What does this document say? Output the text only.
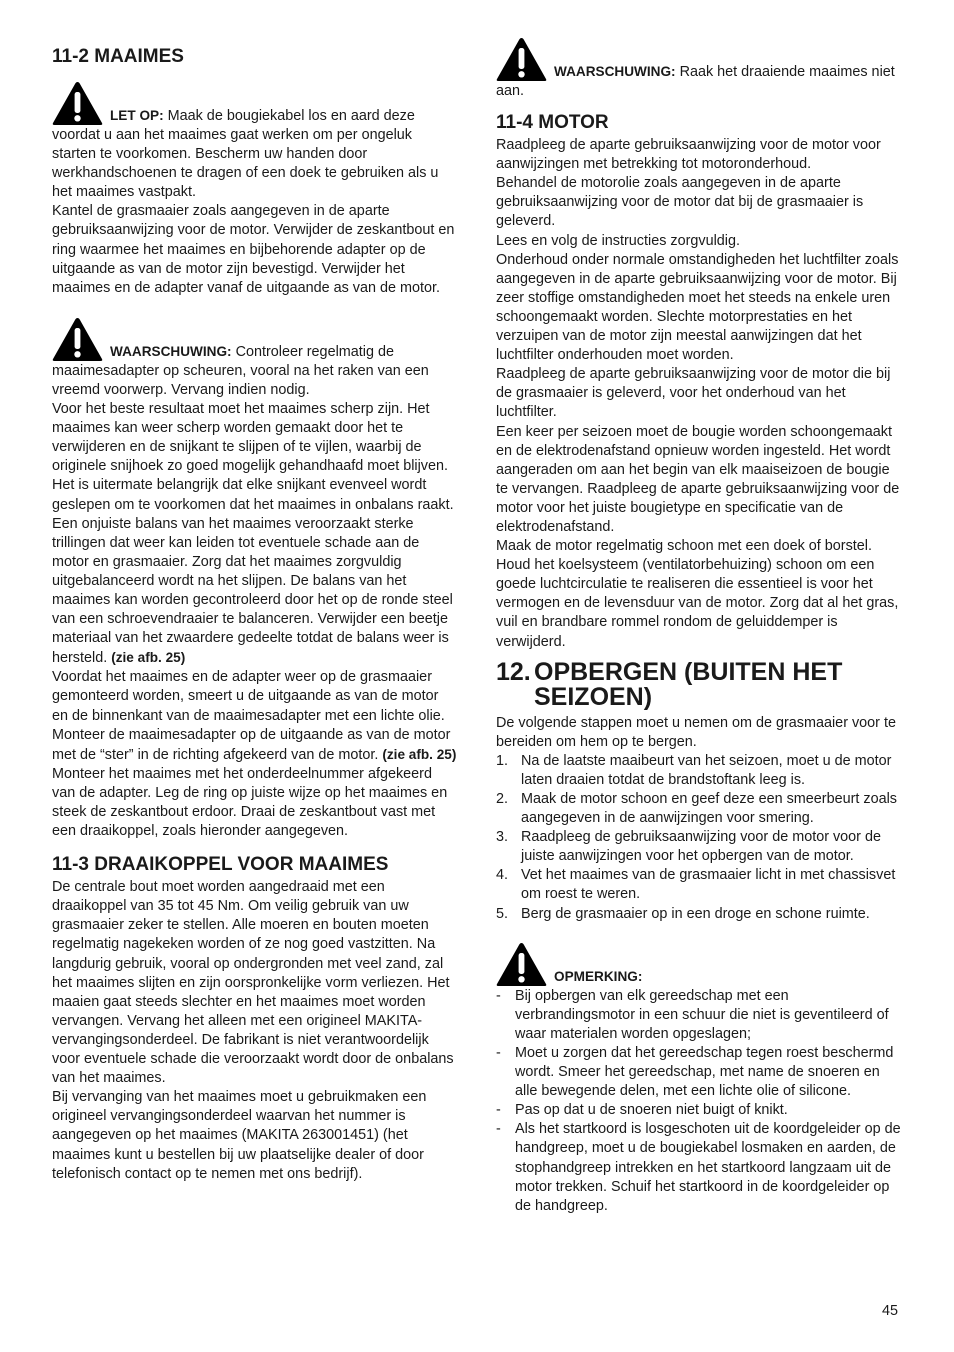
11-2 MAAIMES

LET OP: Maak de bougiekabel los en aard deze voordat u aan het maaimes gaat werken om per ongeluk starten te voorkomen. Bescherm uw handen door werkhandschoenen te dragen of een doek te gebruiken als u het maaimes vastpakt.

Kantel de grasmaaier zoals aangegeven in de aparte gebruiksaanwijzing voor de motor. Verwijder de zeskantbout en ring waarmee het maaimes en bijbehorende adapter op de uitgaande as van de motor zijn bevestigd. Verwijder het maaimes en de adapter vanaf de uitgaande as van de motor.

WAARSCHUWING: Controleer regelmatig de maaimesadapter op scheuren, vooral na het raken van een vreemd voorwerp. Vervang indien nodig.

Voor het beste resultaat moet het maaimes scherp zijn. Het maaimes kan weer scherp worden gemaakt door het te verwijderen en de snijkant te slijpen of te vijlen, waarbij de originele snijhoek zo goed mogelijk gehandhaafd moet blijven. Het is uitermate belangrijk dat elke snijkant evenveel wordt geslepen om te voorkomen dat het maaimes in onbalans raakt. Een onjuiste balans van het maaimes veroorzaakt sterke trillingen dat weer kan leiden tot eventuele schade aan de motor en grasmaaier. Zorg dat het maaimes zorgvuldig uitgebalanceerd wordt na het slijpen. De balans van het maaimes kan worden gecontroleerd door het op de ronde steel van een schroevendraaier te balanceren. Verwijder een beetje materiaal van het zwaardere gedeelte totdat de balans weer is hersteld. (zie afb. 25)

Voordat het maaimes en de adapter weer op de grasmaaier gemonteerd worden, smeert u de uitgaande as van de motor en de binnenkant van de maaimesadapter met een lichte olie. Monteer de maaimesadapter op de uitgaande as van de motor met de “ster” in de richting afgekeerd van de motor. (zie afb. 25)

Monteer het maaimes met het onderdeelnummer afgekeerd van de adapter. Leg de ring op juiste wijze op het maaimes en steek de zeskantbout erdoor. Draai de zeskantbout vast met een draaikoppel, zoals hieronder aangegeven.

11-3 DRAAIKOPPEL VOOR MAAIMES

De centrale bout moet worden aangedraaid met een draaikoppel van 35 tot 45 Nm. Om veilig gebruik van uw grasmaaier zeker te stellen. Alle moeren en bouten moeten regelmatig nagekeken worden of ze nog goed vastzitten. Na langdurig gebruik, vooral op ondergronden met veel zand, zal het maaimes slijten en zijn oorspronkelijke vorm verliezen. Het maaien gaat steeds slechter en het maaimes moet worden vervangen. Vervang het alleen met een origineel MAKITA-vervangingsonderdeel. De fabrikant is niet verantwoordelijk voor eventuele schade die veroorzaakt wordt door de onbalans van het maaimes.

Bij vervanging van het maaimes moet u gebruikmaken een origineel vervangingsonderdeel waarvan het nummer is aangegeven op het maaimes (MAKITA 263001451) (het maaimes kunt u bestellen bij uw plaatselijke dealer of door telefonisch contact op te nemen met ons bedrijf).

WAARSCHUWING: Raak het draaiende maaimes niet aan.

11-4 MOTOR

Raadpleeg de aparte gebruiksaanwijzing voor de motor voor aanwijzingen met betrekking tot motoronderhoud.

Behandel de motorolie zoals aangegeven in de aparte gebruiksaanwijzing voor de motor dat bij de grasmaaier is geleverd.

Lees en volg de instructies zorgvuldig.

Onderhoud onder normale omstandigheden het luchtfilter zoals aangegeven in de aparte gebruiksaanwijzing voor de motor. Bij zeer stoffige omstandigheden moet het steeds na enkele uren schoongemaakt worden. Slechte motorprestaties en het verzuipen van de motor zijn meestal aanwijzingen dat het luchtfilter onderhouden moet worden.

Raadpleeg de aparte gebruiksaanwijzing voor de motor die bij de grasmaaier is geleverd, voor het onderhoud van het luchtfilter.

Een keer per seizoen moet de bougie worden schoongemaakt en de elektrodenafstand opnieuw worden ingesteld. Het wordt aangeraden om aan het begin van elk maaiseizoen de bougie te vervangen. Raadpleeg de aparte gebruiksaanwijzing voor de motor voor het juiste bougietype en specificatie van de elektrodenafstand.

Maak de motor regelmatig schoon met een doek of borstel. Houd het koelsysteem (ventilatorbehuizing) schoon om een goede luchtcirculatie te realiseren die essentieel is voor het vermogen en de levensduur van de motor. Zorg dat al het gras, vuil en brandbare rommel rondom de geluiddemper is verwijderd.

12. OPBERGEN (BUITEN HET SEIZOEN)

De volgende stappen moet u nemen om de grasmaaier voor te bereiden om hem op te bergen.

1. Na de laatste maaibeurt van het seizoen, moet u de motor laten draaien totdat de brandstoftank leeg is.
2. Maak de motor schoon en geef deze een smeerbeurt zoals aangegeven in de aanwijzingen voor smering.
3. Raadpleeg de gebruiksaanwijzing voor de motor voor de juiste aanwijzingen voor het opbergen van de motor.
4. Vet het maaimes van de grasmaaier licht in met chassisvet om roest te weren.
5. Berg de grasmaaier op in een droge en schone ruimte.
OPMERKING:
- Bij opbergen van elk gereedschap met een verbrandingsmotor in een schuur die niet is geventileerd of waar materialen worden opgeslagen;
- Moet u zorgen dat het gereedschap tegen roest beschermd wordt. Smeer het gereedschap, met name de snoeren en alle bewegende delen, met een lichte olie of silicone.
- Pas op dat u de snoeren niet buigt of knikt.
- Als het startkoord is losgeschoten uit de koordgeleider op de handgreep, moet u de bougiekabel losmaken en aarden, de stophandgreep intrekken en het startkoord langzaam uit de motor trekken. Schuif het startkoord in de koordgeleider op de handgreep.
45
